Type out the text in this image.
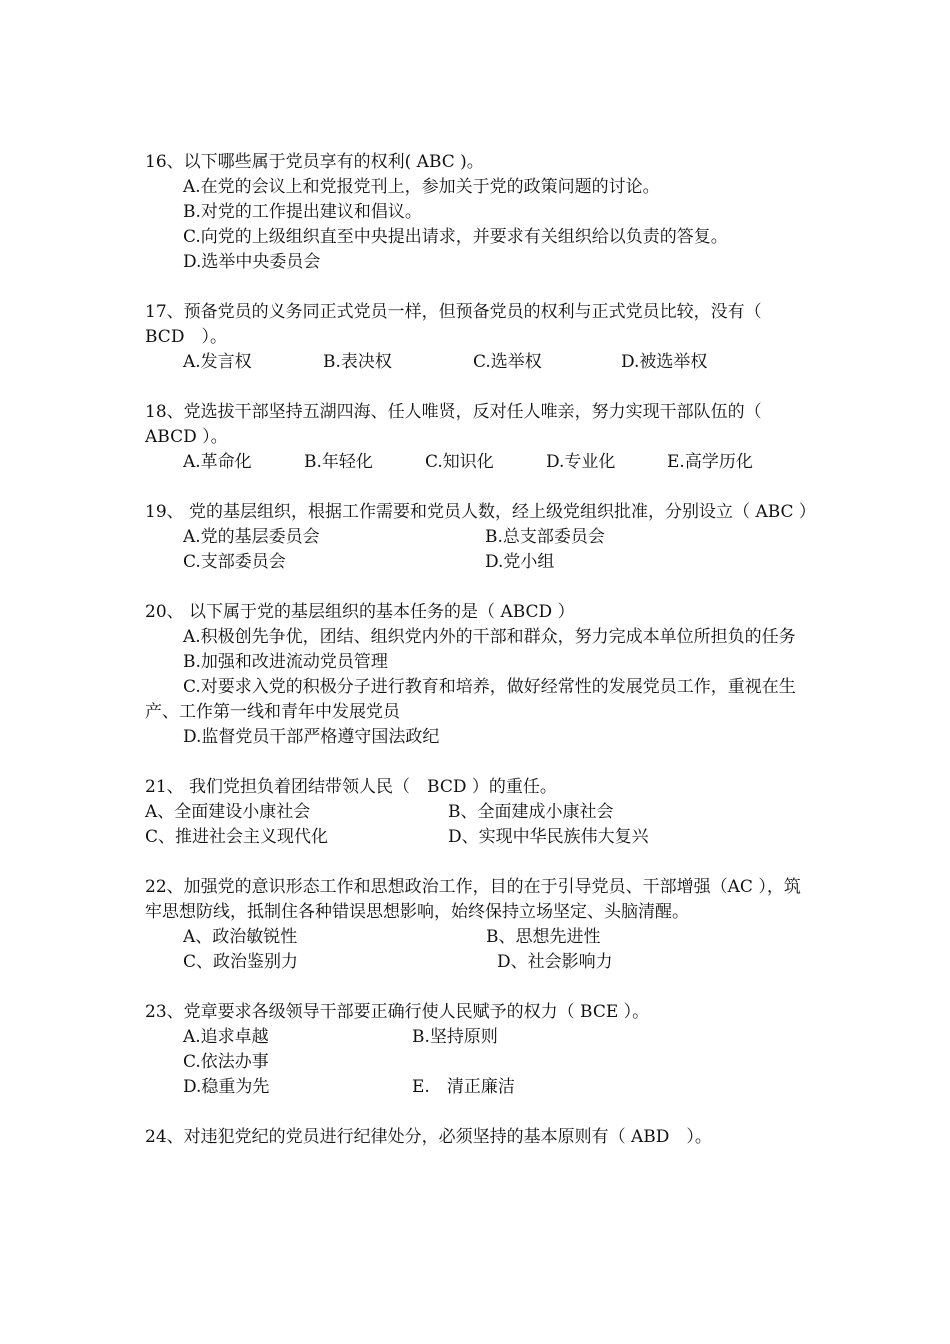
16、以下哪些属于党员享有的权利( ABC )。
A.在党的会议上和党报党刊上，参加关于党的政策问题的讨论。
B.对党的工作提出建议和倡议。
C.向党的上级组织直至中央提出请求，并要求有关组织给以负责的答复。
D.选举中央委员会
17、预备党员的义务同正式党员一样，但预备党员的权利与正式党员比较，没有（　BCD　）。
A.发言权	B.表决权	C.选举权	D.被选举权
18、党选拔干部坚持五湖四海、任人唯贤，反对任人唯亲，努力实现干部队伍的（ ABCD ）。
A.革命化	B.年轻化	C.知识化	D.专业化	E.高学历化
19、 党的基层组织，根据工作需要和党员人数，经上级党组织批准，分别设立（ ABC ）
A.党的基层委员会	B.总支部委员会
C.支部委员会	D.党小组
20、 以下属于党的基层组织的基本任务的是（ ABCD ）
A.积极创先争优，团结、组织党内外的干部和群众，努力完成本单位所担负的任务
B.加强和改进流动党员管理
C.对要求入党的积极分子进行教育和培养，做好经常性的发展党员工作，重视在生产、工作第一线和青年中发展党员
D.监督党员干部严格遵守国法政纪
21、 我们党担负着团结带领人民（　BCD ）的重任。
A、全面建设小康社会	B、全面建成小康社会
C、推进社会主义现代化	D、实现中华民族伟大复兴
22、加强党的意识形态工作和思想政治工作，目的在于引导党员、干部增强（AC ），筑牢思想防线，抵制住各种错误思想影响，始终保持立场坚定、头脑清醒。
A、政治敏锐性	B、思想先进性
C、政治鉴别力	D、社会影响力
23、党章要求各级领导干部要正确行使人民赋予的权力（ BCE ）。
A.追求卓越	B.坚持原则
C.依法办事
D.稳重为先	E.　清正廉洁
24、对违犯党纪的党员进行纪律处分，必须坚持的基本原则有（ ABD　）。
